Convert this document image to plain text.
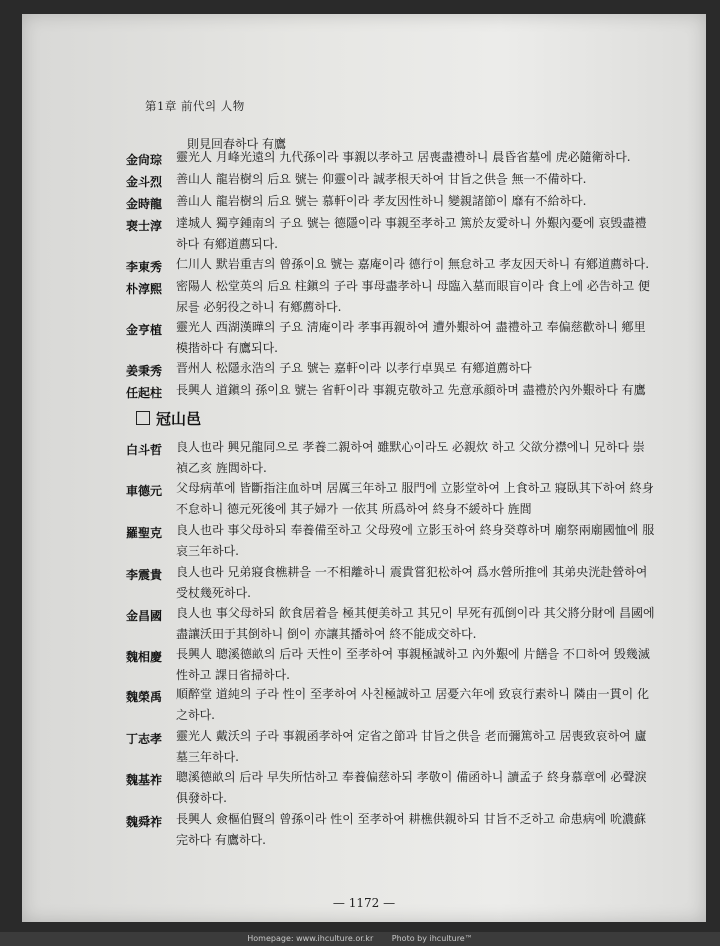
第1章 前代의 人物
則見回春하다 有鷹
金尙琮 靈光人 月峰光遠의 九代孫이라 事親以孝하고 居喪盡禮하니 晨昏省墓에 虎必隨衛하다.
金斗烈 善山人 龍岩樹의 后요 號는 仰靈이라 誠孝根天하여 甘旨之供을 無一不備하다.
金時龍 善山人 龍岩樹의 后요 號는 慕軒이라 孝友因性하니 變親諸節이 靡有不給하다.
裵士淳 達城人 獨亨鍾南의 子요 號는 德隱이라 事親至孝하고 篤於友愛하니 外艱內憂에 哀毁盡禮하다 有鄕道薦되다.
李東秀 仁川人 默岩重吉의 曾孫이요 號는 嘉庵이라 德行이 無怠하고 孝友因天하니 有鄕道薦하다.
朴淳熙 密陽人 松堂英의 后요 柱鎭의 子라 事母盡孝하니 母臨入墓而眼盲이라 食上에 必告하고 便尿를 必躬役之하니 有鄕薦하다.
金亨植 靈光人 西湖漢曄의 子요 淸庵이라 孝事再親하여 遭外艱하여 盡禮하고 奉偏慈歡하니 鄕里模揩하다 有鷹되다.
姜秉秀 晋州人 松隱永浩의 子요 號는 嘉軒이라 以孝行卓異로 有鄕道薦하다
任起柱 長興人 道鎭의 孫이요 號는 省軒이라 事親克敬하고 先意承顔하며 盡禮於內外艱하다 有鷹
冠山邑
白斗哲 良人也라 興兄龍同으로 孝養二親하여 雖默心이라도 必親炊 하고 父欲分襟에니 兄하다 崇禎乙亥 旌閭하다.
車德元 父母病革에 皆斷指注血하며 居厲三年하고 服門에 立影堂하여 上食하고 寢臥其下하여 終身不怠하니 德元死後에 其子婦가 一依其 所爲하여 終身不緩하다 旌閭
羅聖克 良人也라 事父母하되 奉養備至하고 父母歿에 立影玉하여 終身癸尊하며 廟祭兩廟國恤에 服哀三年하다.
李震貴 良人也라 兄弟寢食樵耕을 一不相離하니 震貴嘗犯松하여 爲水營所推에 其弟央洸赴營하여 受杖幾死하다.
金昌國 良人也 事父母하되 飮食居着을 極其便美하고 其兄이 早死有孤倒이라 其父將分財에 昌國에 盡讓沃田于其倒하니 倒이 亦讓其播하여 終不能成交하다.
魏相慶 長興人 聰溪德畝의 后라 天性이 至孝하여 事親極誠하고 內外艱에 片饍을 不口하여 毁幾滅性하고 課日省掃하다.
魏榮禹 順醉堂 道純의 子라 性이 至孝하여 사친極誠하고 居憂六年에 致哀行素하니 隣由一貫이 化之하다.
丁志孝 靈光人 戴沃의 子라 事親函孝하여 定省之節과 甘旨之供을 老而彌篤하고 居喪致哀하여 廬墓三年하다.
魏基祚 聰溪德畝의 后라 早失所怙하고 奉養偏慈하되 孝敬이 備函하니 讀孟子 終身慕章에 必聲淚俱發하다.
魏舜祚 長興人 僉樞伯賢의 曾孫이라 性이 至孝하여 耕樵供親하되 甘旨不乏하고 命患病에 吮濃蘇完하다 有鷹하다.
— 1172 —
Homepage: www.ihculture.or.kr Photo by ihculture™
